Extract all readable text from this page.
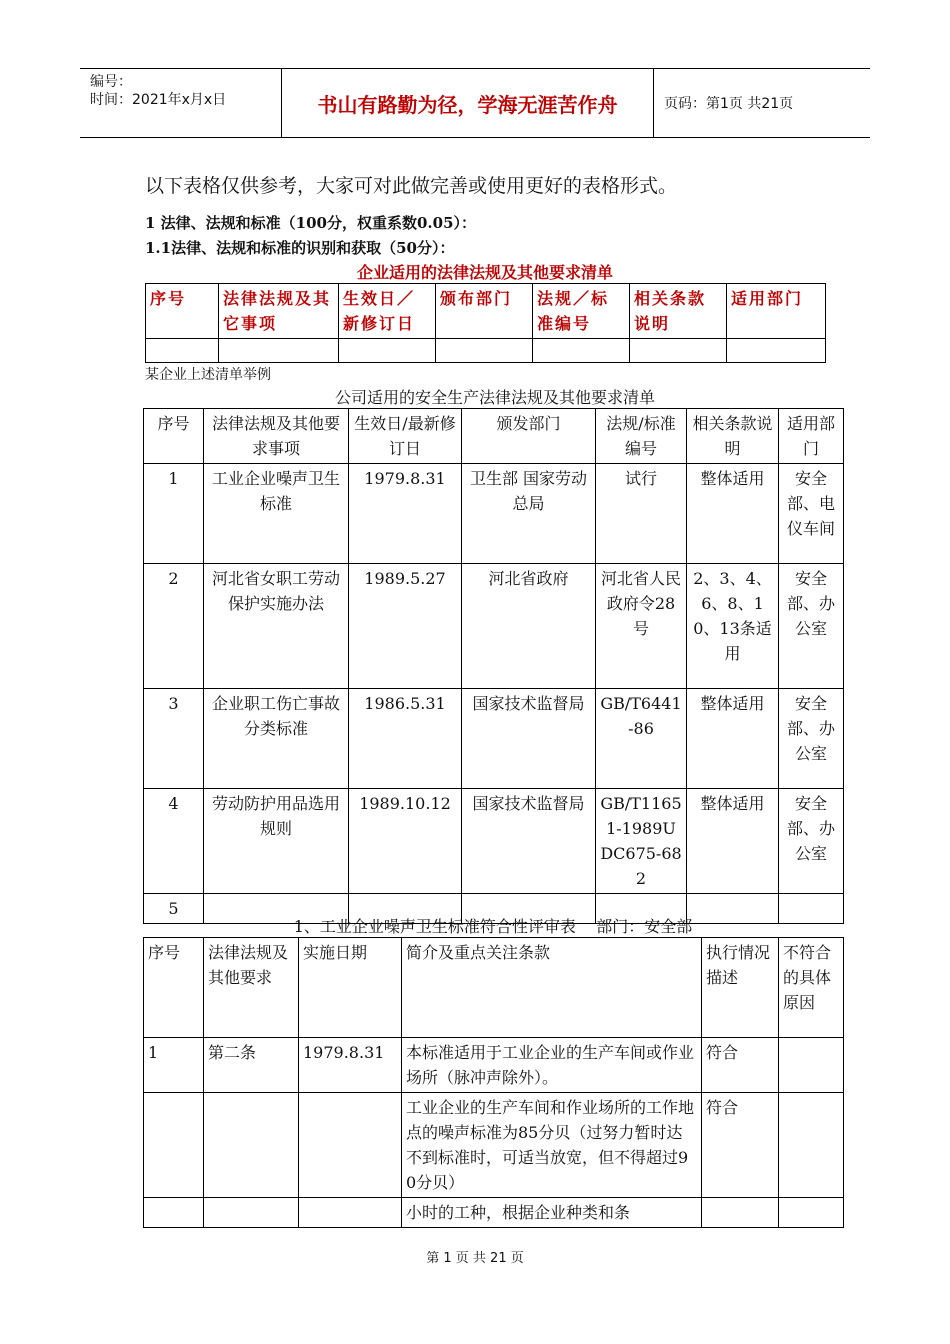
编号：
时间：2021年x月x日	书山有路勤为径，学海无涯苦作舟	页码：第1页 共21页
以下表格仅供参考，大家可对此做完善或使用更好的表格形式。
1 法律、法规和标准（100分，权重系数0.05）：
1.1法律、法规和标准的识别和获取（50分）：
企业适用的法律法规及其他要求清单
序号	法律法规及其它事项	生效日／新修订日	颁布部门	法规／标准编号	相关条款说明	适用部门

某企业上述清单举例
公司适用的安全生产法律法规及其他要求清单
序号	法律法规及其他要求事项	生效日/最新修订日	颁发部门	法规/标准编号	相关条款说明	适用部门
1	工业企业噪声卫生标准	1979.8.31	卫生部 国家劳动总局	试行	整体适用	安全部、电仪车间
2	河北省女职工劳动保护实施办法	1989.5.27	河北省政府	河北省人民政府令28号	2、3、4、6、8、10、13条适用	安全部、办公室
3	企业职工伤亡事故分类标准	1986.5.31	国家技术监督局	GB/T6441-86	整体适用	安全部、办公室
4	劳动防护用品选用规则	1989.10.12	国家技术监督局	GB/T11651-1989UDC675-682	整体适用	安全部、办公室
5						
1、工业企业噪声卫生标准符合性评审表    部门：安全部
序号	法律法规及其他要求	实施日期	简介及重点关注条款	执行情况描述	不符合的具体原因
1	第二条	1979.8.31	本标准适用于工业企业的生产车间或作业场所（脉冲声除外）。	符合	
			工业企业的生产车间和作业场所的工作地点的噪声标准为85分贝（过努力暂时达不到标准时，可适当放宽，但不得超过90分贝）	符合	
			小时的工种，根据企业种类和条		
第 1 页 共 21 页
